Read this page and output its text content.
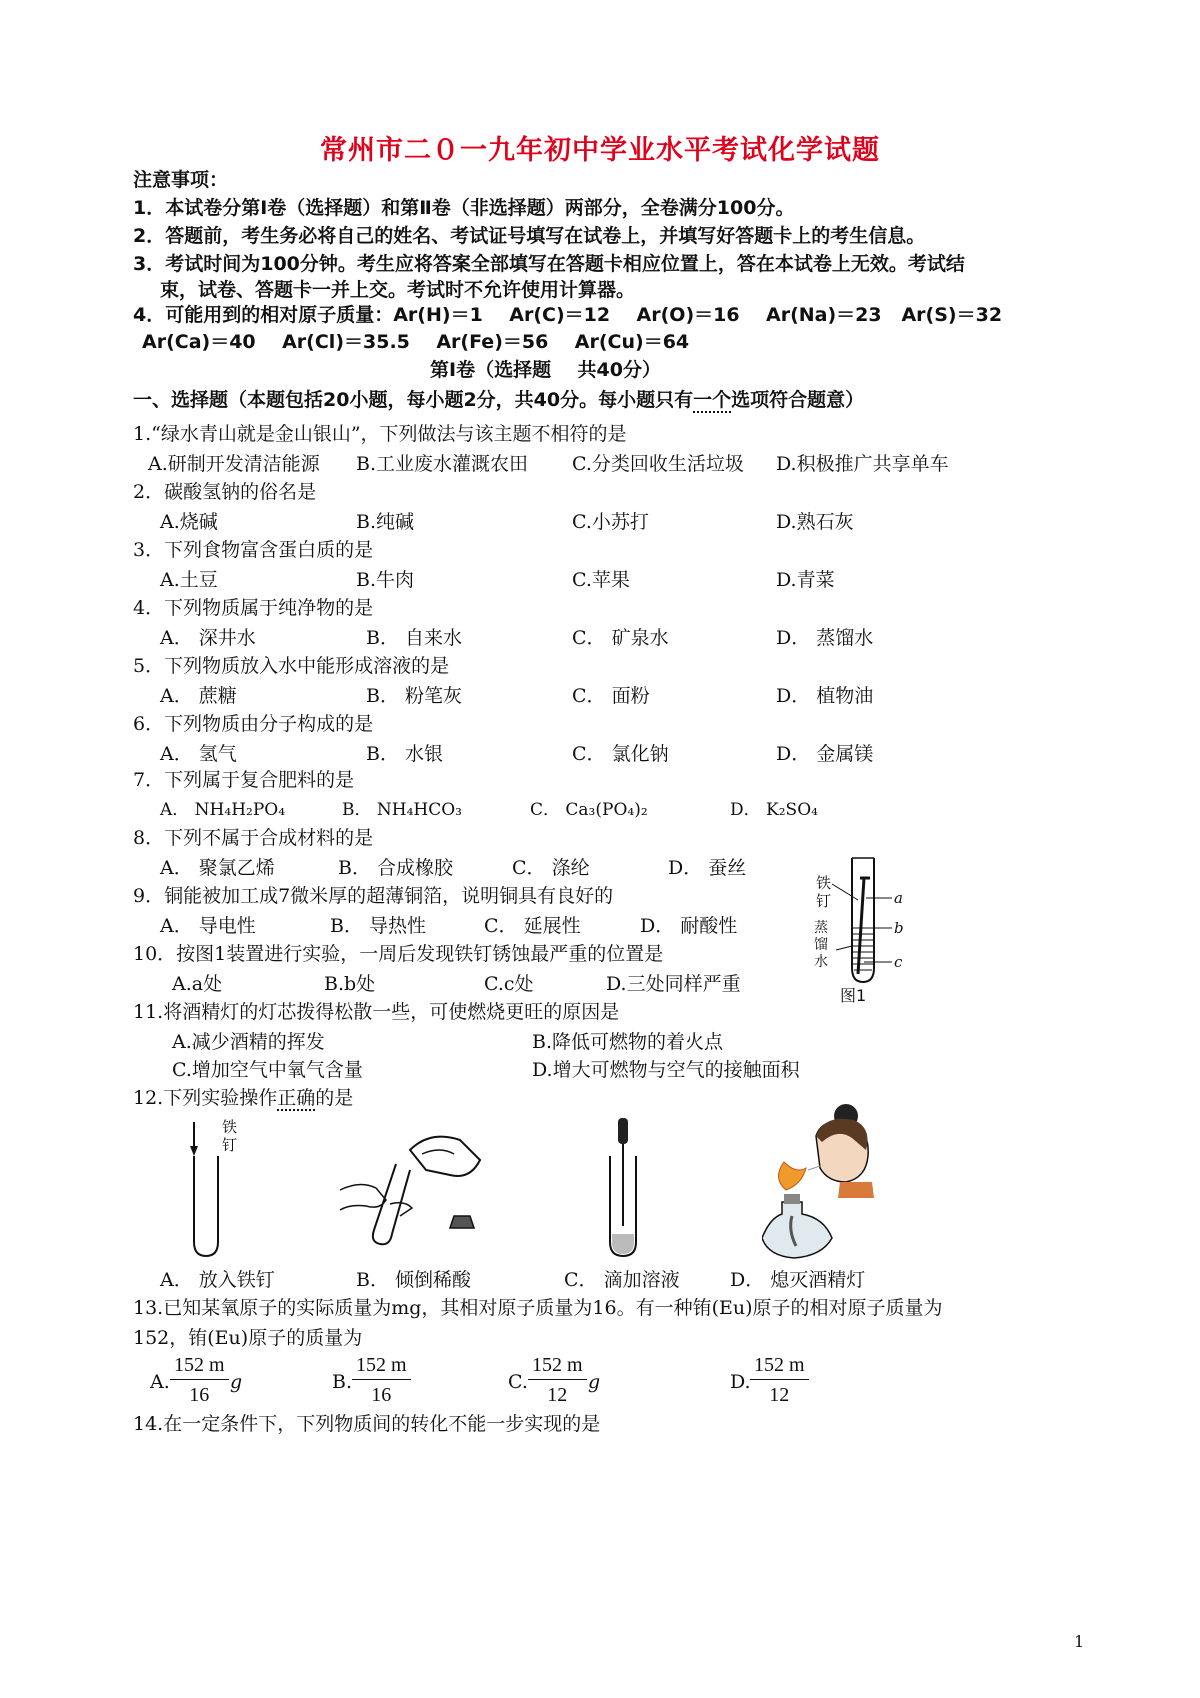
常州市二０一九年初中学业水平考试化学试题
注意事项：
1．本试卷分第Ⅰ卷（选择题）和第Ⅱ卷（非选择题）两部分，全卷满分100分。
2．答题前，考生务必将自己的姓名、考试证号填写在试卷上，并填写好答题卡上的考生信息。
3．考试时间为100分钟。考生应将答案全部填写在答题卡相应位置上，答在本试卷上无效。考试结
束，试卷、答题卡一并上交。考试时不允许使用计算器。
4．可能用到的相对原子质量：Ar(H)＝1    Ar(C)＝12    Ar(O)＝16    Ar(Na)＝23   Ar(S)＝32
Ar(Ca)＝40    Ar(Cl)＝35.5    Ar(Fe)＝56    Ar(Cu)＝64
第Ⅰ卷（选择题    共40分）
一、选择题（本题包括20小题，每小题2分，共40分。每小题只有一个选项符合题意）
1.“绿水青山就是金山银山”，下列做法与该主题不相符的是
A.研制开发清洁能源 B.工业废水灌溉农田 C.分类回收生活垃圾 D.积极推广共享单车
2．碳酸氢钠的俗名是
A.烧碱	B.纯碱	C.小苏打	D.熟石灰
3．下列食物富含蛋白质的是
A.土豆	B.牛肉	C.苹果	D.青菜
4．下列物质属于纯净物的是
A． 深井水	B． 自来水	C． 矿泉水	D． 蒸馏水
5．下列物质放入水中能形成溶液的是
A． 蔗糖	B． 粉笔灰	C． 面粉	D． 植物油
6．下列物质由分子构成的是
A． 氢气	B． 水银	C． 氯化钠	D． 金属镁
7．下列属于复合肥料的是
A． NH₄H₂PO₄	B． NH₄HCO₃	C． Ca₃(PO₄)₂	D． K₂SO₄
8．下列不属于合成材料的是
A． 聚氯乙烯	B． 合成橡胶	C． 涤纶	D． 蚕丝
9．铜能被加工成7微米厚的超薄铜箔，说明铜具有良好的
A． 导电性	B． 导热性	C． 延展性	D． 耐酸性
10．按图1装置进行实验，一周后发现铁钉锈蚀最严重的位置是
A.a处	B.b处	C.c处	D.三处同样严重
铁钉
蒸馏水
a
b
c
图1
11.将酒精灯的灯芯拨得松散一些，可使燃烧更旺的原因是
A.减少酒精的挥发	B.降低可燃物的着火点
C.增加空气中氧气含量	D.增大可燃物与空气的接触面积
12.下列实验操作正确的是
铁钉
A． 放入铁钉	B． 倾倒稀酸	C． 滴加溶液	D． 熄灭酒精灯
13.已知某氧原子的实际质量为mg，其相对原子质量为16。有一种铕(Eu)原子的相对原子质量为
152，铕(Eu)原子的质量为
A. $\frac{152 m}{16}$ g	B. $\frac{152 m}{16}$	C. $\frac{152 m}{12}$ g	D. $\frac{152 m}{12}$
14.在一定条件下，下列物质间的转化不能一步实现的是
1
